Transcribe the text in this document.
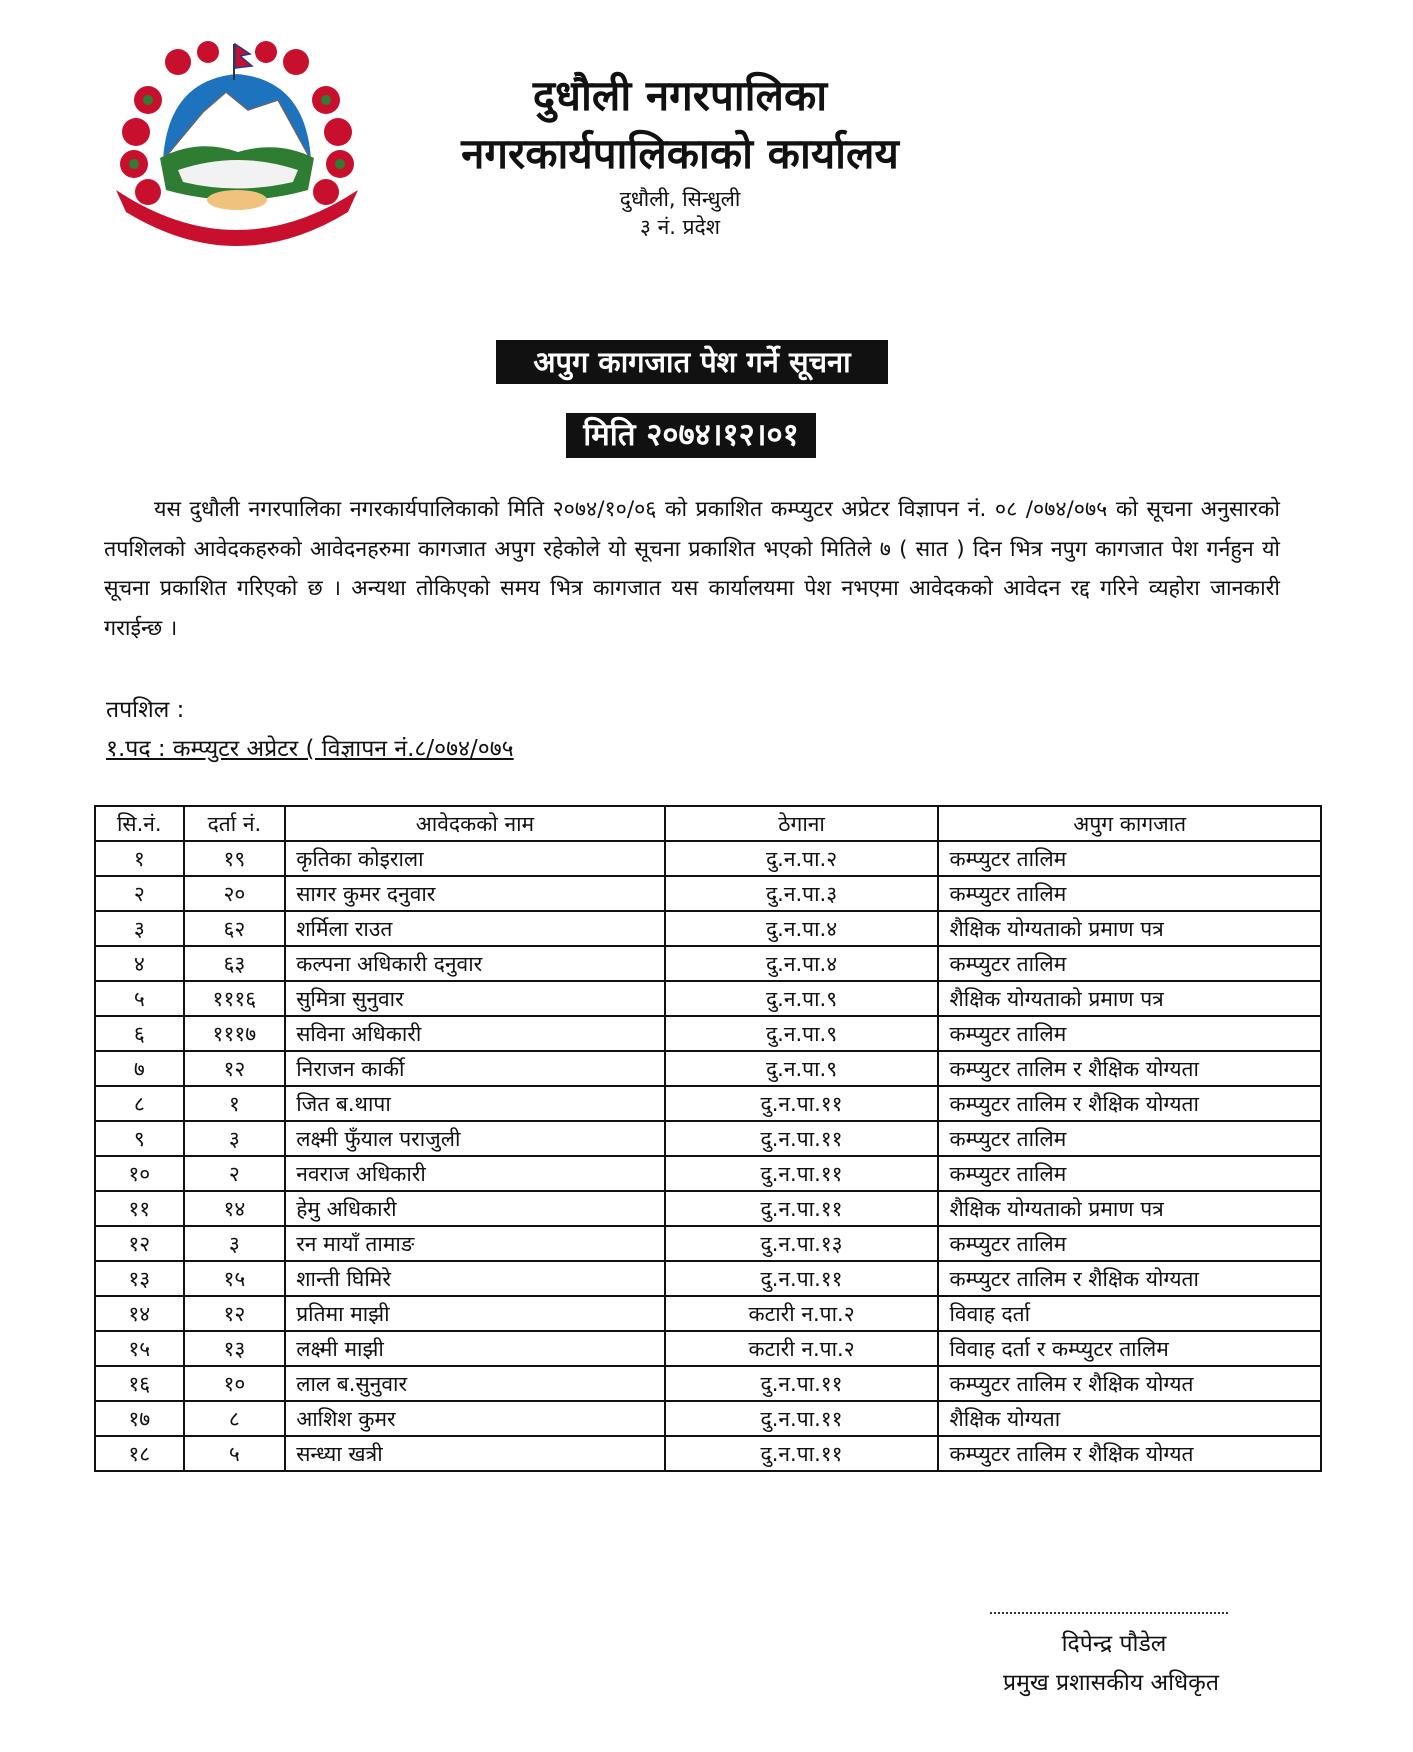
दुधौली नगरपालिका
नगरकार्यपालिकाको कार्यालय
दुधौली, सिन्धुली
३ नं. प्रदेश
अपुग कागजात पेश गर्ने सूचना
मिति २०७४।१२।०१
यस दुधौली नगरपालिका नगरकार्यपालिकाको मिति २०७४/१०/०६ को प्रकाशित कम्प्युटर अप्रेटर विज्ञापन नं. ०८ /०७४/०७५ को सूचना अनुसारको तपशिलको आवेदकहरुको आवेदनहरुमा कागजात अपुग रहेकोले यो सूचना प्रकाशित भएको मितिले ७ ( सात ) दिन भित्र नपुग कागजात पेश गर्नहुन यो सूचना प्रकाशित गरिएको छ । अन्यथा तोकिएको समय भित्र कागजात यस कार्यालयमा पेश नभएमा आवेदकको आवेदन रद्द गरिने व्यहोरा जानकारी गराईन्छ ।
तपशिल :
१.पद : कम्प्युटर अप्रेटर ( विज्ञापन नं.८/०७४/०७५
सि.नं.	दर्ता नं.	आवेदकको नाम	ठेगाना	अपुग कागजात
१	१९	कृतिका कोइराला	दु.न.पा.२	कम्प्युटर तालिम
२	२०	सागर कुमर दनुवार	दु.न.पा.३	कम्प्युटर तालिम
३	६२	शर्मिला राउत	दु.न.पा.४	शैक्षिक योग्यताको प्रमाण पत्र
४	६३	कल्पना अधिकारी दनुवार	दु.न.पा.४	कम्प्युटर तालिम
५	१११६	सुमित्रा सुनुवार	दु.न.पा.९	शैक्षिक योग्यताको प्रमाण पत्र
६	१११७	सविना अधिकारी	दु.न.पा.९	कम्प्युटर तालिम
७	१२	निराजन कार्की	दु.न.पा.९	कम्प्युटर तालिम र शैक्षिक योग्यता
८	१	जित ब.थापा	दु.न.पा.११	कम्प्युटर तालिम र शैक्षिक योग्यता
९	३	लक्ष्मी फुँयाल पराजुली	दु.न.पा.११	कम्प्युटर तालिम
१०	२	नवराज अधिकारी	दु.न.पा.११	कम्प्युटर तालिम
११	१४	हेमु अधिकारी	दु.न.पा.११	शैक्षिक योग्यताको प्रमाण पत्र
१२	३	रन मायाँ तामाङ	दु.न.पा.१३	कम्प्युटर तालिम
१३	१५	शान्ती घिमिरे	दु.न.पा.११	कम्प्युटर तालिम र शैक्षिक योग्यता
१४	१२	प्रतिमा माझी	कटारी न.पा.२	विवाह दर्ता
१५	१३	लक्ष्मी माझी	कटारी न.पा.२	विवाह दर्ता र कम्प्युटर तालिम
१६	१०	लाल ब.सुनुवार	दु.न.पा.११	कम्प्युटर तालिम र शैक्षिक योग्यत
१७	८	आशिश कुमर	दु.न.पा.११	शैक्षिक योग्यता
१८	५	सन्ध्या खत्री	दु.न.पा.११	कम्प्युटर तालिम र शैक्षिक योग्यत
दिपेन्द्र पौडेल
प्रमुख प्रशासकीय अधिकृत
